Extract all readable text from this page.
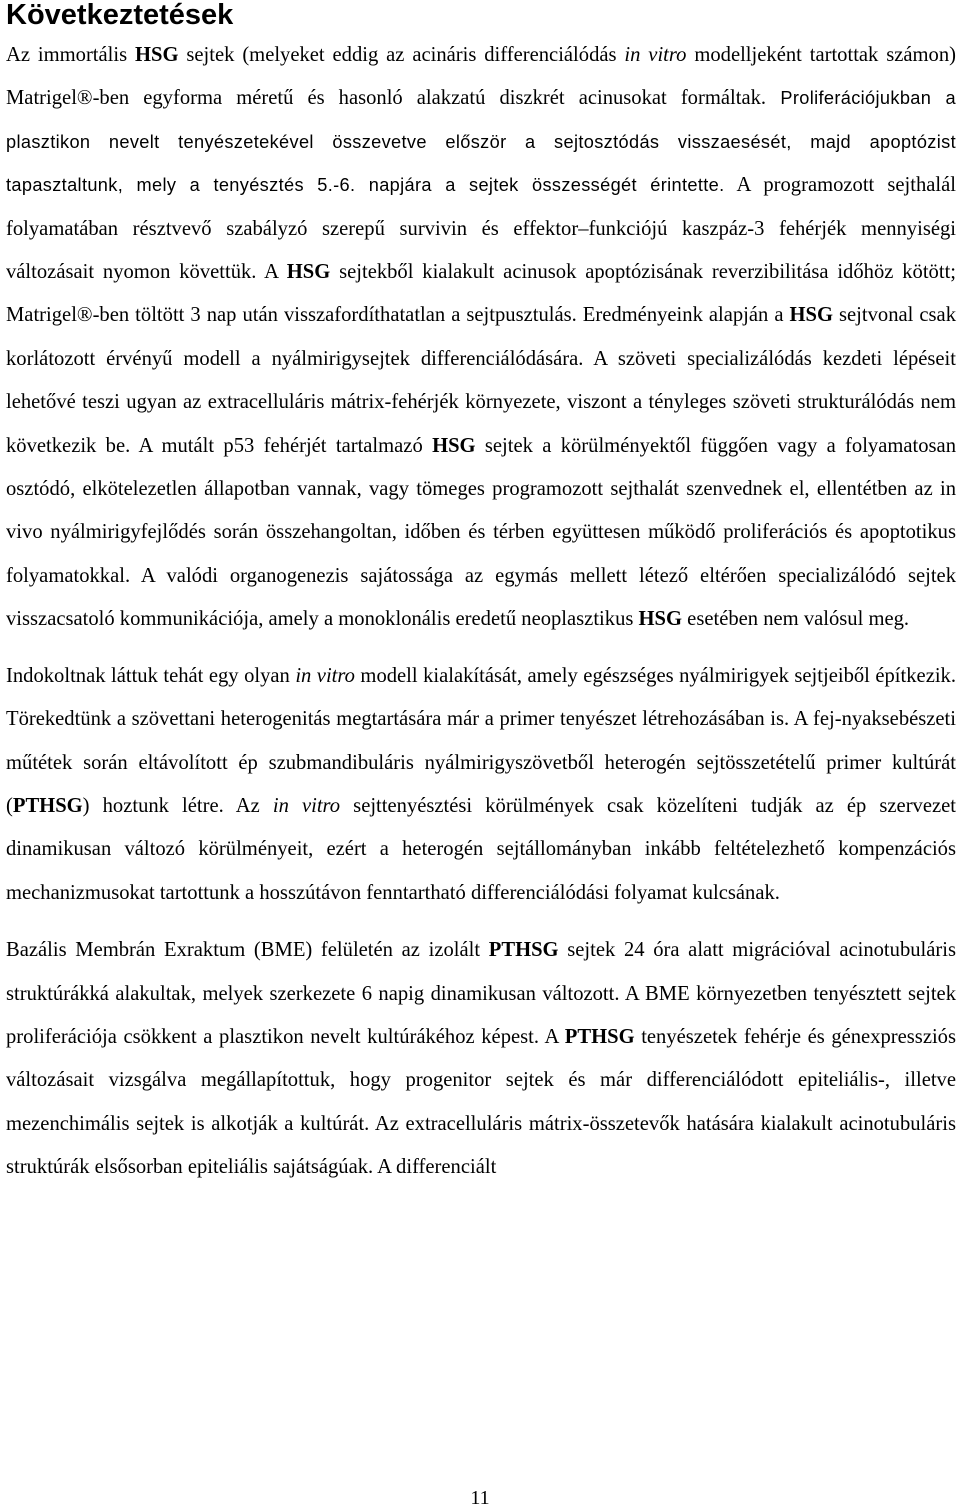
Következtetések

Az immortális HSG sejtek (melyeket eddig az acináris differenciálódás in vitro modelljeként tartottak számon) Matrigel®-ben egyforma méretű és hasonló alakzatú diszkrét acinusokat formáltak. Proliferációjukban a plasztikon nevelt tenyészetekével összevetve először a sejtosztódás visszaesését, majd apoptózist tapasztaltunk, mely a tenyésztés 5.-6. napjára a sejtek összességét érintette. A programozott sejthalál folyamatában résztvevő szabályzó szerepű survivin és effektor–funkciójú kaszpáz-3 fehérjék mennyiségi változásait nyomon követtük. A HSG sejtekből kialakult acinusok apoptózisának reverzibilitása időhöz kötött; Matrigel®-ben töltött 3 nap után visszafordíthatatlan a sejtpusztulás. Eredményeink alapján a HSG sejtvonal csak korlátozott érvényű modell a nyálmirigysejtek differenciálódására. A szöveti specializálódás kezdeti lépéseit lehetővé teszi ugyan az extracelluláris mátrix-fehérjék környezete, viszont a tényleges szöveti strukturálódás nem következik be. A mutált p53 fehérjét tartalmazó HSG sejtek a körülményektől függően vagy a folyamatosan osztódó, elkötelezetlen állapotban vannak, vagy tömeges programozott sejthalát szenvednek el, ellentétben az in vivo nyálmirigyfejlődés során összehangoltan, időben és térben együttesen működő proliferációs és apoptotikus folyamatokkal. A valódi organogenezis sajátossága az egymás mellett létező eltérően specializálódó sejtek visszacsatoló kommunikációja, amely a monoklonális eredetű neoplasztikus HSG esetében nem valósul meg.

Indokoltnak láttuk tehát egy olyan in vitro modell kialakítását, amely egészséges nyálmirigyek sejtjeiből építkezik. Törekedtünk a szövettani heterogenitás megtartására már a primer tenyészet létrehozásában is. A fej-nyaksebészeti műtétek során eltávolított ép szubmandibuláris nyálmirigyszövetből heterogén sejtösszetételű primer kultúrát (PTHSG) hoztunk létre. Az in vitro sejttenyésztési körülmények csak közelíteni tudják az ép szervezet dinamikusan változó körülményeit, ezért a heterogén sejtállományban inkább feltételezhető kompenzációs mechanizmusokat tartottunk a hosszútávon fenntartható differenciálódási folyamat kulcsának.

Bazális Membrán Exraktum (BME) felületén az izolált PTHSG sejtek 24 óra alatt migrációval acinotubuláris struktúrákká alakultak, melyek szerkezete 6 napig dinamikusan változott. A BME környezetben tenyésztett sejtek proliferációja csökkent a plasztikon nevelt kultúrákéhoz képest. A PTHSG tenyészetek fehérje és génexpressziós változásait vizsgálva megállapítottuk, hogy progenitor sejtek és már differenciálódott epiteliális-, illetve mezenchimális sejtek is alkotják a kultúrát. Az extracelluláris mátrix-összetevők hatására kialakult acinotubuláris struktúrák elsősorban epiteliális sajátságúak. A differenciált

11
